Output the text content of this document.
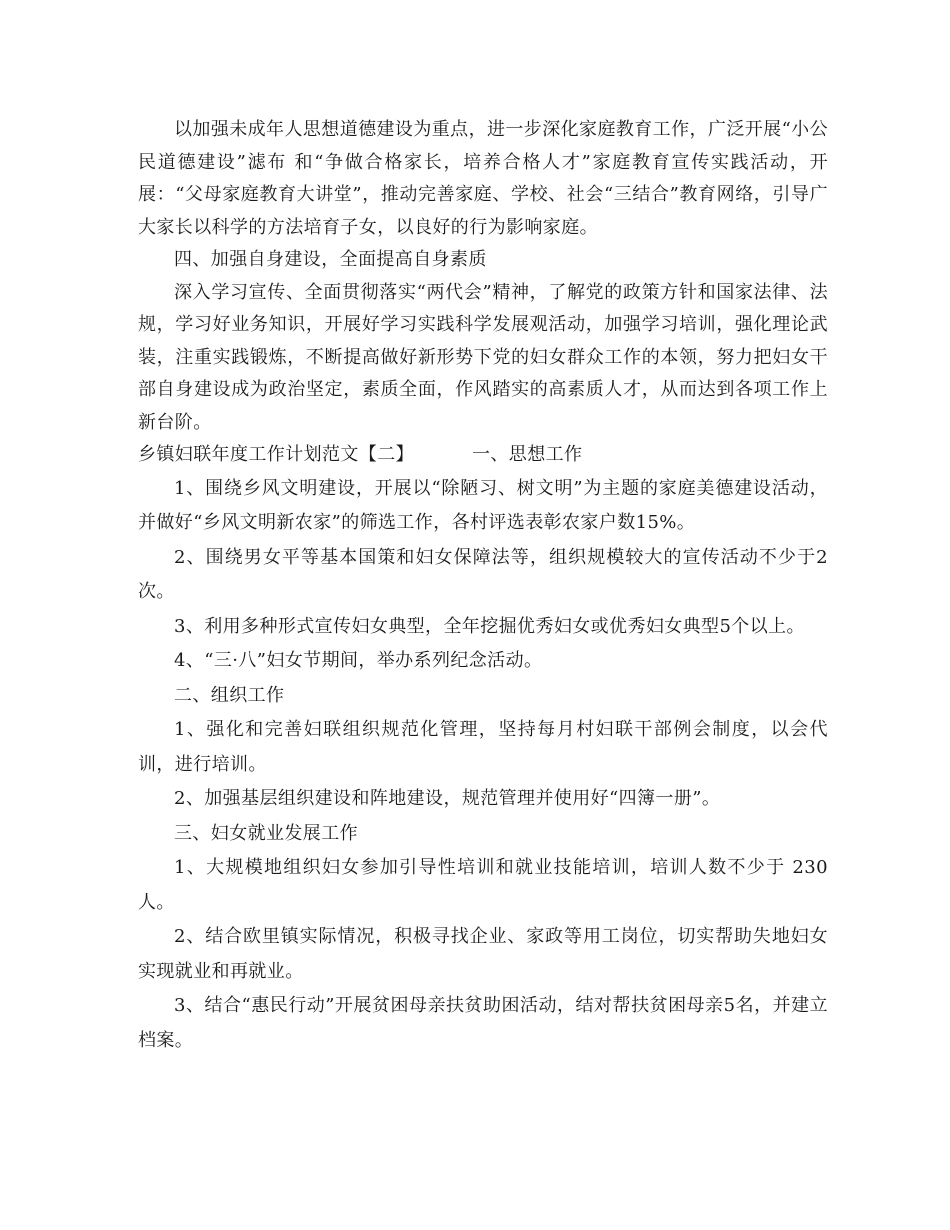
以加强未成年人思想道德建设为重点，进一步深化家庭教育工作，广泛开展“小公民道德建设”滤布 和“争做合格家长，培养合格人才”家庭教育宣传实践活动，开展：“父母家庭教育大讲堂”，推动完善家庭、学校、社会“三结合”教育网络，引导广大家长以科学的方法培育子女，以良好的行为影响家庭。

四、加强自身建设，全面提高自身素质

深入学习宣传、全面贯彻落实“两代会”精神，了解党的政策方针和国家法律、法规，学习好业务知识，开展好学习实践科学发展观活动，加强学习培训，强化理论武装，注重实践锻炼，不断提高做好新形势下党的妇女群众工作的本领，努力把妇女干部自身建设成为政治坚定，素质全面，作风踏实的高素质人才，从而达到各项工作上新台阶。

乡镇妇联年度工作计划范文【二】	一、思想工作

1、围绕乡风文明建设，开展以“除陋习、树文明”为主题的家庭美德建设活动，并做好“乡风文明新农家”的筛选工作，各村评选表彰农家户数15%。

2、围绕男女平等基本国策和妇女保障法等，组织规模较大的宣传活动不少于2次。

3、利用多种形式宣传妇女典型，全年挖掘优秀妇女或优秀妇女典型5个以上。

4、“三·八”妇女节期间，举办系列纪念活动。

二、组织工作

1、强化和完善妇联组织规范化管理，坚持每月村妇联干部例会制度，以会代训，进行培训。

2、加强基层组织建设和阵地建设，规范管理并使用好“四簿一册”。

三、妇女就业发展工作

1、大规模地组织妇女参加引导性培训和就业技能培训，培训人数不少于 230 人。

2、结合欧里镇实际情况，积极寻找企业、家政等用工岗位，切实帮助失地妇女实现就业和再就业。

3、结合“惠民行动”开展贫困母亲扶贫助困活动，结对帮扶贫困母亲5名，并建立档案。
